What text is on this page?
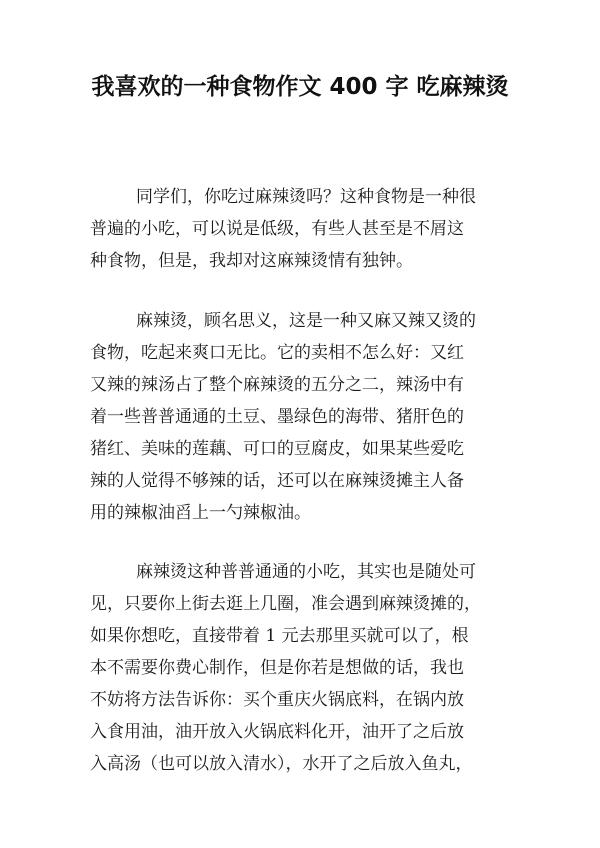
我喜欢的一种食物作文 400 字 吃麻辣烫
同学们，你吃过麻辣烫吗？这种食物是一种很
普遍的小吃，可以说是低级，有些人甚至是不屑这
种食物，但是，我却对这麻辣烫情有独钟。
麻辣烫，顾名思义，这是一种又麻又辣又烫的
食物，吃起来爽口无比。它的卖相不怎么好：又红
又辣的辣汤占了整个麻辣烫的五分之二，辣汤中有
着一些普普通通的土豆、墨绿色的海带、猪肝色的
猪红、美味的莲藕、可口的豆腐皮，如果某些爱吃
辣的人觉得不够辣的话，还可以在麻辣烫摊主人备
用的辣椒油舀上一勺辣椒油。
麻辣烫这种普普通通的小吃，其实也是随处可
见，只要你上街去逛上几圈，准会遇到麻辣烫摊的，
如果你想吃，直接带着 1 元去那里买就可以了，根
本不需要你费心制作，但是你若是想做的话，我也
不妨将方法告诉你：买个重庆火锅底料，在锅内放
入食用油，油开放入火锅底料化开，油开了之后放
入高汤（也可以放入清水），水开了之后放入鱼丸，
